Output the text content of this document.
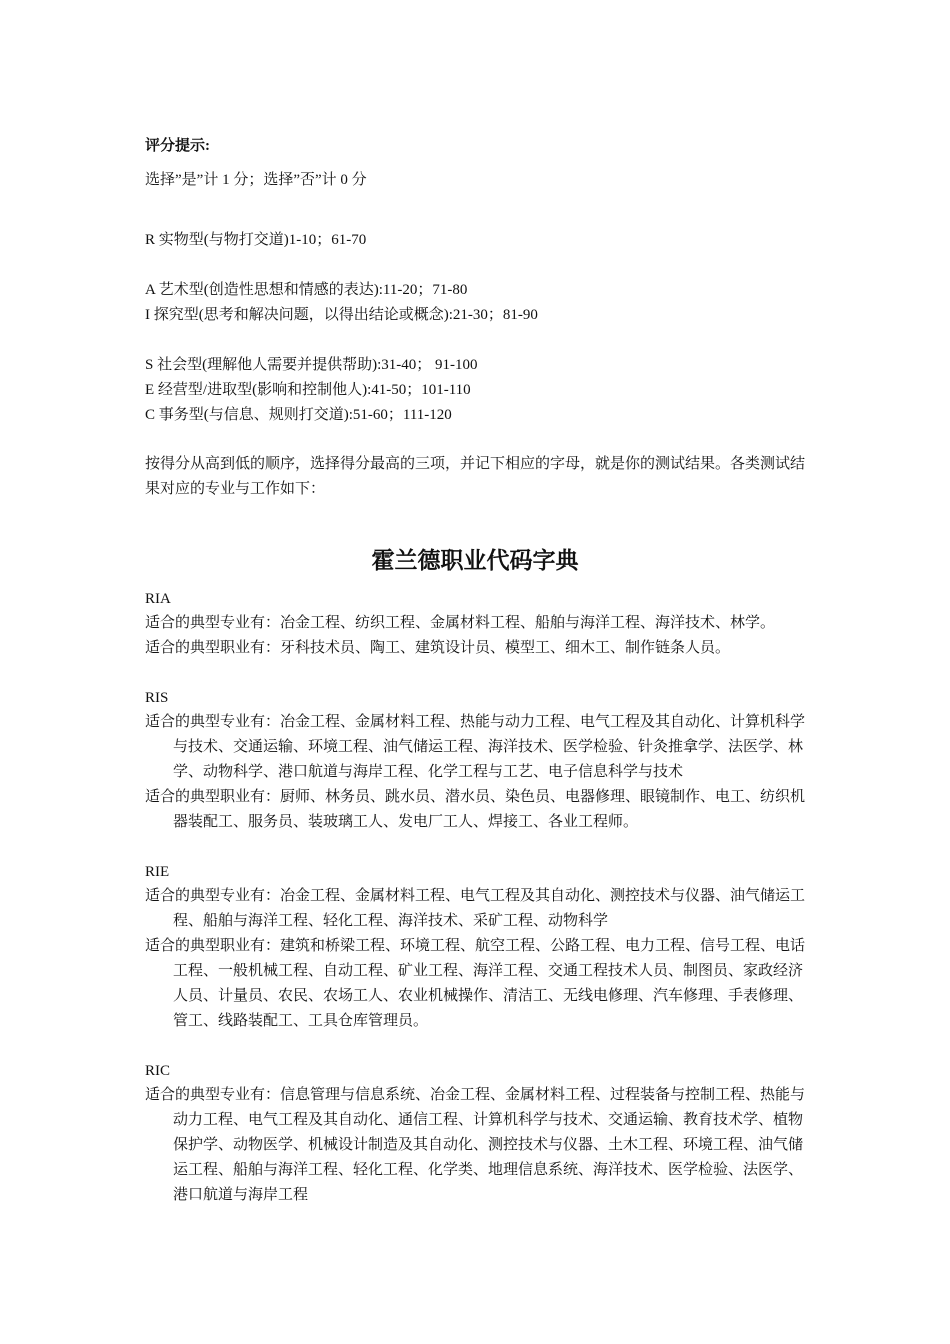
评分提示:
选择”是”计 1 分；选择”否”计 0 分
R 实物型(与物打交道)1-10；61-70
A 艺术型(创造性思想和情感的表达):11-20；71-80
I 探究型(思考和解决问题，以得出结论或概念):21-30；81-90
S 社会型(理解他人需要并提供帮助):31-40； 91-100
E 经营型/进取型(影响和控制他人):41-50；101-110
C 事务型(与信息、规则打交道):51-60；111-120
按得分从高到低的顺序，选择得分最高的三项，并记下相应的字母，就是你的测试结果。各类测试结果对应的专业与工作如下：
霍兰德职业代码字典
RIA
适合的典型专业有：冶金工程、纺织工程、金属材料工程、船舶与海洋工程、海洋技术、林学。
适合的典型职业有：牙科技术员、陶工、建筑设计员、模型工、细木工、制作链条人员。
RIS
适合的典型专业有：冶金工程、金属材料工程、热能与动力工程、电气工程及其自动化、计算机科学与技术、交通运输、环境工程、油气储运工程、海洋技术、医学检验、针灸推拿学、法医学、林学、动物科学、港口航道与海岸工程、化学工程与工艺、电子信息科学与技术
适合的典型职业有：厨师、林务员、跳水员、潜水员、染色员、电器修理、眼镜制作、电工、纺织机器装配工、服务员、装玻璃工人、发电厂工人、焊接工、各业工程师。
RIE
适合的典型专业有：冶金工程、金属材料工程、电气工程及其自动化、测控技术与仪器、油气储运工程、船舶与海洋工程、轻化工程、海洋技术、采矿工程、动物科学
适合的典型职业有：建筑和桥梁工程、环境工程、航空工程、公路工程、电力工程、信号工程、电话工程、一般机械工程、自动工程、矿业工程、海洋工程、交通工程技术人员、制图员、家政经济人员、计量员、农民、农场工人、农业机械操作、清洁工、无线电修理、汽车修理、手表修理、管工、线路装配工、工具仓库管理员。
RIC
适合的典型专业有：信息管理与信息系统、冶金工程、金属材料工程、过程装备与控制工程、热能与动力工程、电气工程及其自动化、通信工程、计算机科学与技术、交通运输、教育技术学、植物保护学、动物医学、机械设计制造及其自动化、测控技术与仪器、土木工程、环境工程、油气储运工程、船舶与海洋工程、轻化工程、化学类、地理信息系统、海洋技术、医学检验、法医学、港口航道与海岸工程
